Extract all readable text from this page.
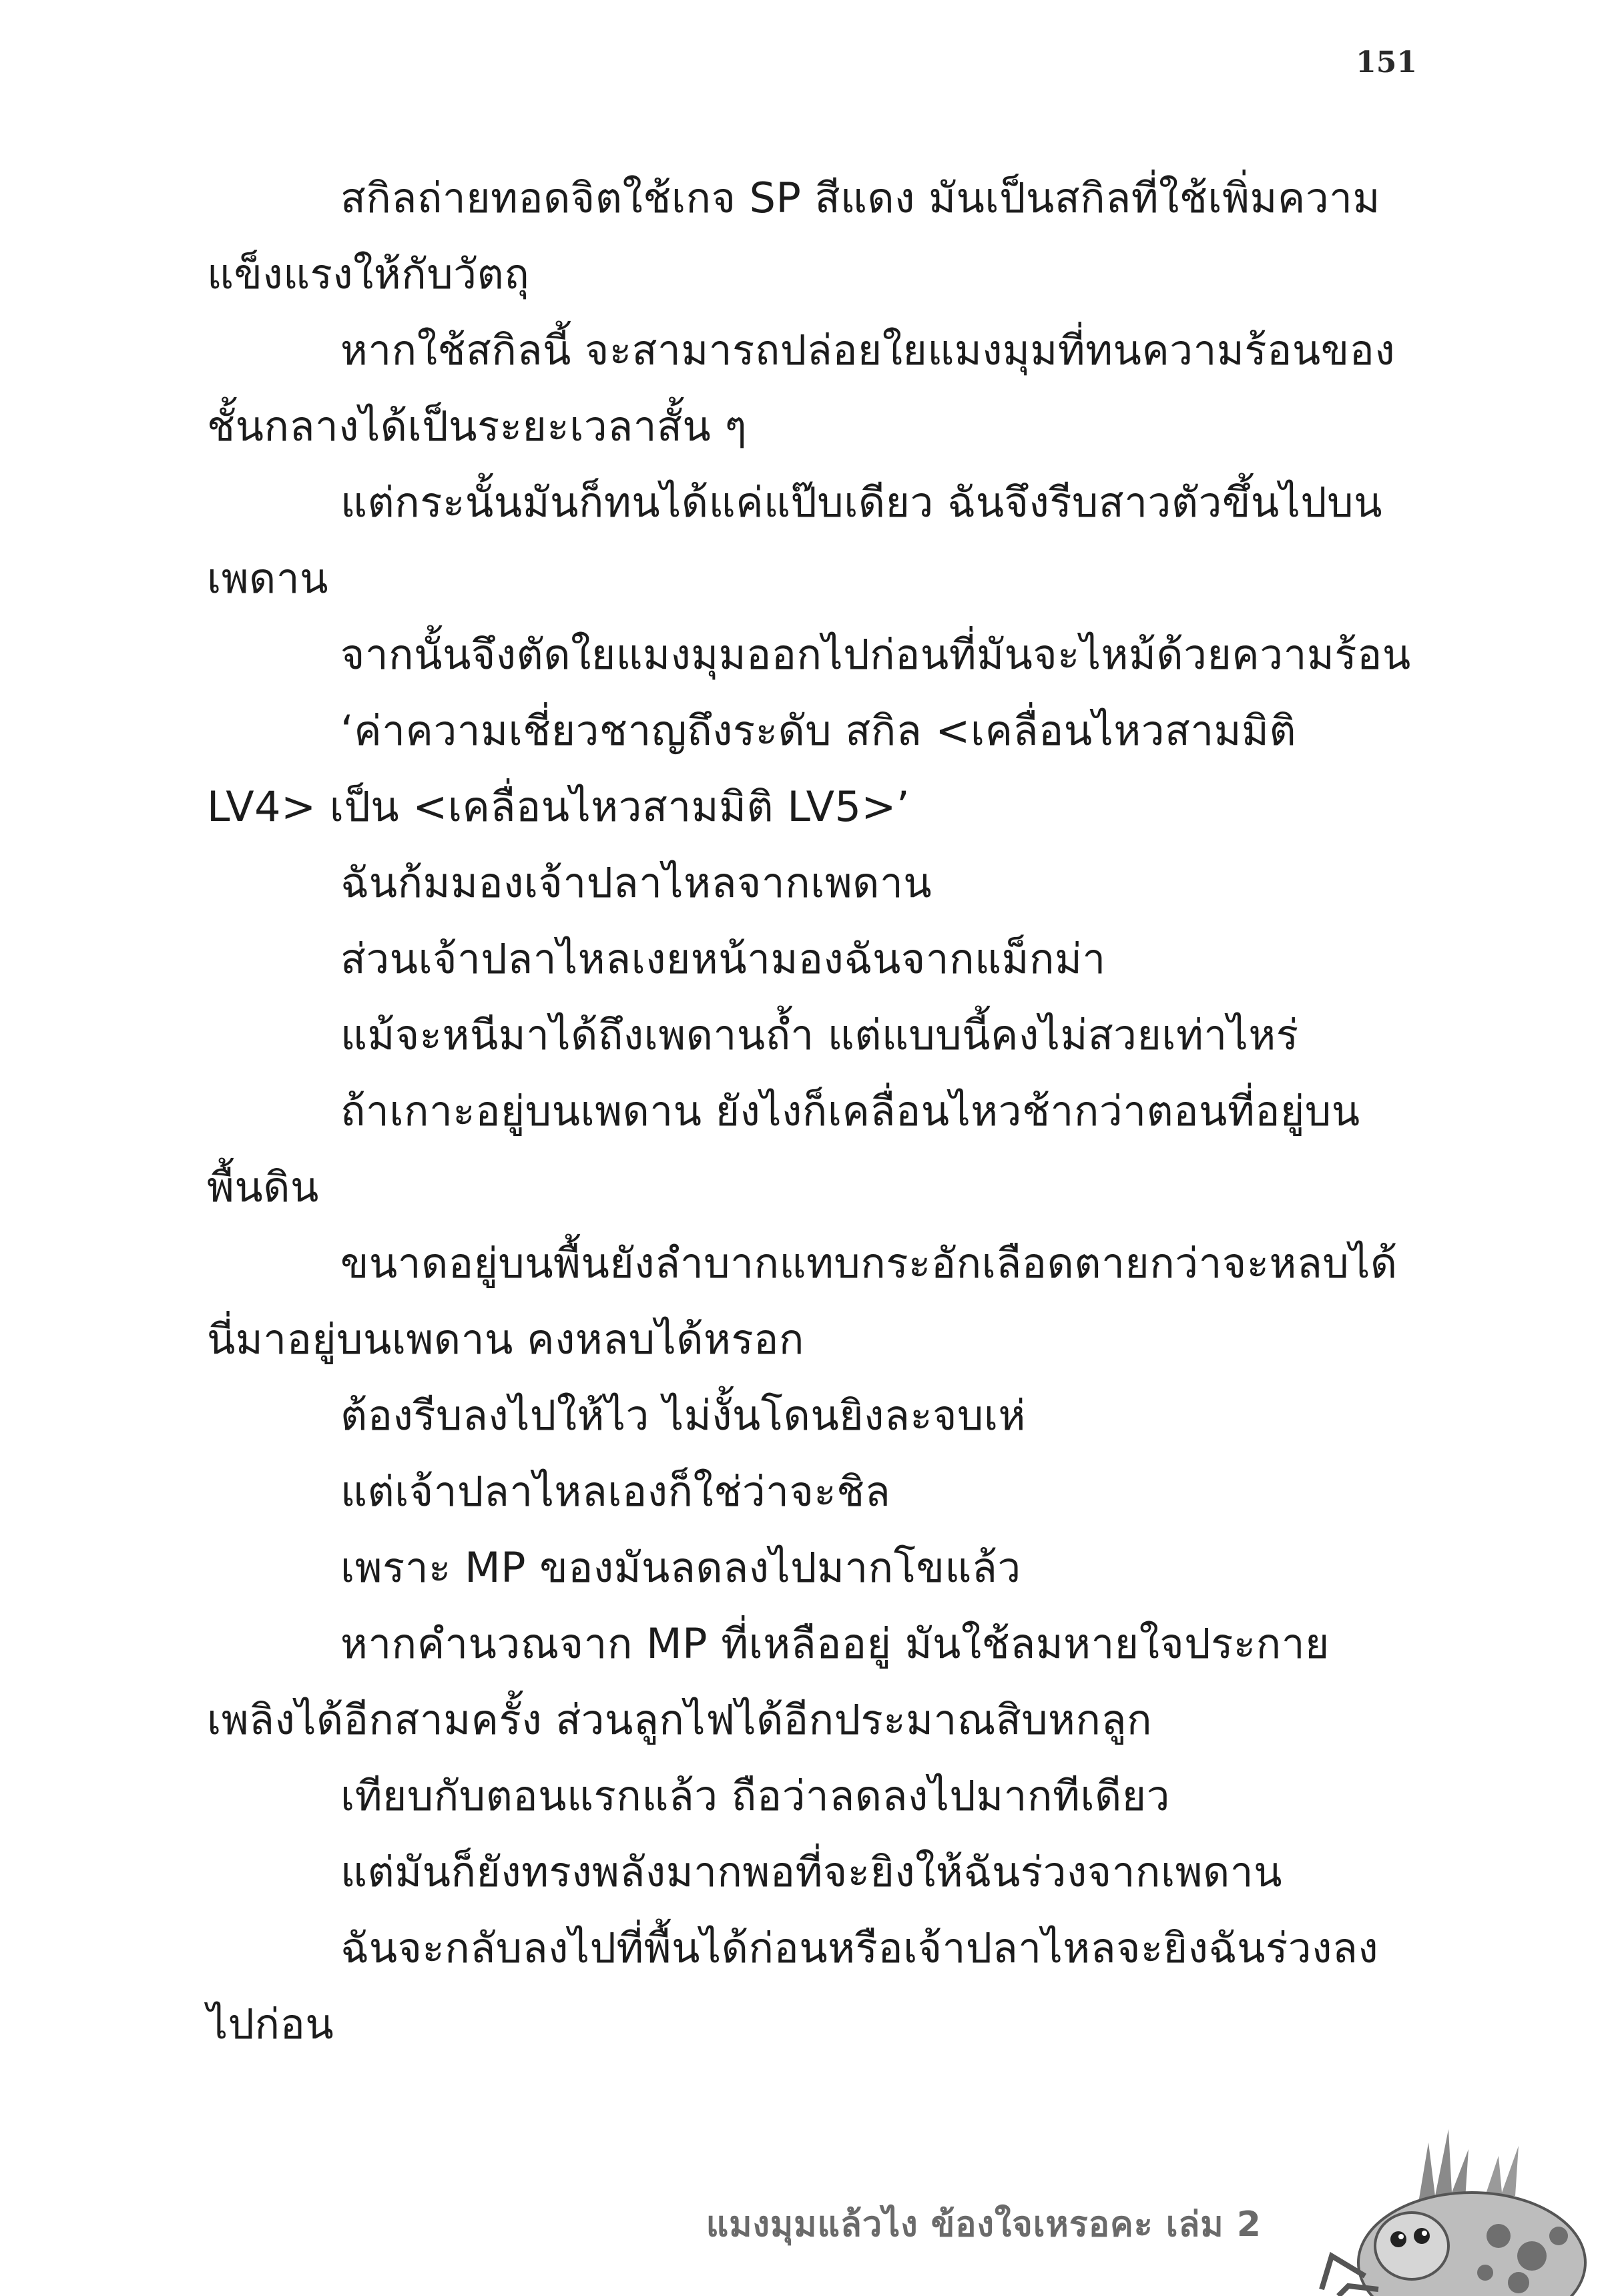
151

สกิลถ่ายทอดจิตใช้เกจ SP สีแดง มันเป็นสกิลที่ใช้เพิ่มความแข็งแรงให้กับวัตถุ

หากใช้สกิลนี้ จะสามารถปล่อยใยแมงมุมที่ทนความร้อนของชั้นกลางได้เป็นระยะเวลาสั้น ๆ

แต่กระนั้นมันก็ทนได้แค่แป๊บเดียว ฉันจึงรีบสาวตัวขึ้นไปบนเพดาน

จากนั้นจึงตัดใยแมงมุมออกไปก่อนที่มันจะไหม้ด้วยความร้อน

‘ค่าความเชี่ยวชาญถึงระดับ สกิล <เคลื่อนไหวสามมิติ LV4> เป็น <เคลื่อนไหวสามมิติ LV5>’

ฉันก้มมองเจ้าปลาไหลจากเพดาน

ส่วนเจ้าปลาไหลเงยหน้ามองฉันจากแม็กม่า

แม้จะหนีมาได้ถึงเพดานถ้ำ แต่แบบนี้คงไม่สวยเท่าไหร่

ถ้าเกาะอยู่บนเพดาน ยังไงก็เคลื่อนไหวช้ากว่าตอนที่อยู่บนพื้นดิน

ขนาดอยู่บนพื้นยังลำบากแทบกระอักเลือดตายกว่าจะหลบได้ นี่มาอยู่บนเพดาน คงหลบได้หรอก

ต้องรีบลงไปให้ไว ไม่งั้นโดนยิงละจบเห่

แต่เจ้าปลาไหลเองก็ใช่ว่าจะชิล

เพราะ MP ของมันลดลงไปมากโขแล้ว

หากคำนวณจาก MP ที่เหลืออยู่ มันใช้ลมหายใจประกายเพลิงได้อีกสามครั้ง ส่วนลูกไฟได้อีกประมาณสิบหกลูก

เทียบกับตอนแรกแล้ว ถือว่าลดลงไปมากทีเดียว

แต่มันก็ยังทรงพลังมากพอที่จะยิงให้ฉันร่วงจากเพดาน

ฉันจะกลับลงไปที่พื้นได้ก่อนหรือเจ้าปลาไหลจะยิงฉันร่วงลงไปก่อน

แมงมุมแล้วไง ข้องใจเหรอคะ เล่ม 2
